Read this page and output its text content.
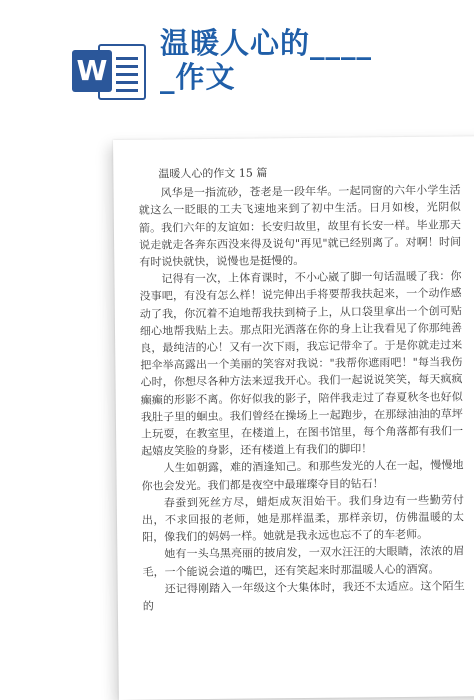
W
温暖人心的____
_作文
温暖人心的作文 15 篇

风华是一指流砂，苍老是一段年华。一起同窗的六年小学生活就这么一眨眼的工夫飞速地来到了初中生活。日月如梭，光阴似箭。我们六年的友谊如：长安归故里，故里有长安一样。毕业那天说走就走各奔东西没来得及说句"再见"就已经别离了。对啊！时间有时说快就快，说慢也是挺慢的。

记得有一次，上体育课时，不小心崴了脚一句话温暖了我：你没事吧，有没有怎么样！说完伸出手将要帮我扶起来，一个动作感动了我，你沉着不迫地帮我扶到椅子上，从口袋里拿出一个创可贴细心地帮我贴上去。那点阳光洒落在你的身上让我看见了你那纯善良，最纯洁的心！又有一次下雨，我忘记带伞了。于是你就走过来把伞举高露出一个美丽的笑容对我说："我帮你遮雨吧！"每当我伤心时，你想尽各种方法来逗我开心。我们一起说说笑笑，每天疯疯癫癫的形影不离。你好似我的影子，陪伴我走过了春夏秋冬也好似我肚子里的蛔虫。我们曾经在操场上一起跑步，在那绿油油的草坪上玩耍，在教室里，在楼道上，在图书馆里，每个角落都有我们一起嬉皮笑脸的身影，还有楼道上有我们的脚印！

人生如朝露，难的酒逢知己。和那些发光的人在一起，慢慢地你也会发光。我们都是夜空中最璀璨夺目的钻石！

春蚕到死丝方尽，蜡炬成灰泪始干。我们身边有一些勤劳付出，不求回报的老师，她是那样温柔，那样亲切，仿佛温暖的太阳，像我们的妈妈一样。她就是我永远也忘不了的车老师。

她有一头乌黑亮丽的披肩发，一双水汪汪的大眼睛，浓浓的眉毛，一个能说会道的嘴巴，还有笑起来时那温暖人心的酒窝。

还记得刚踏入一年级这个大集体时，我还不太适应。这个陌生的
